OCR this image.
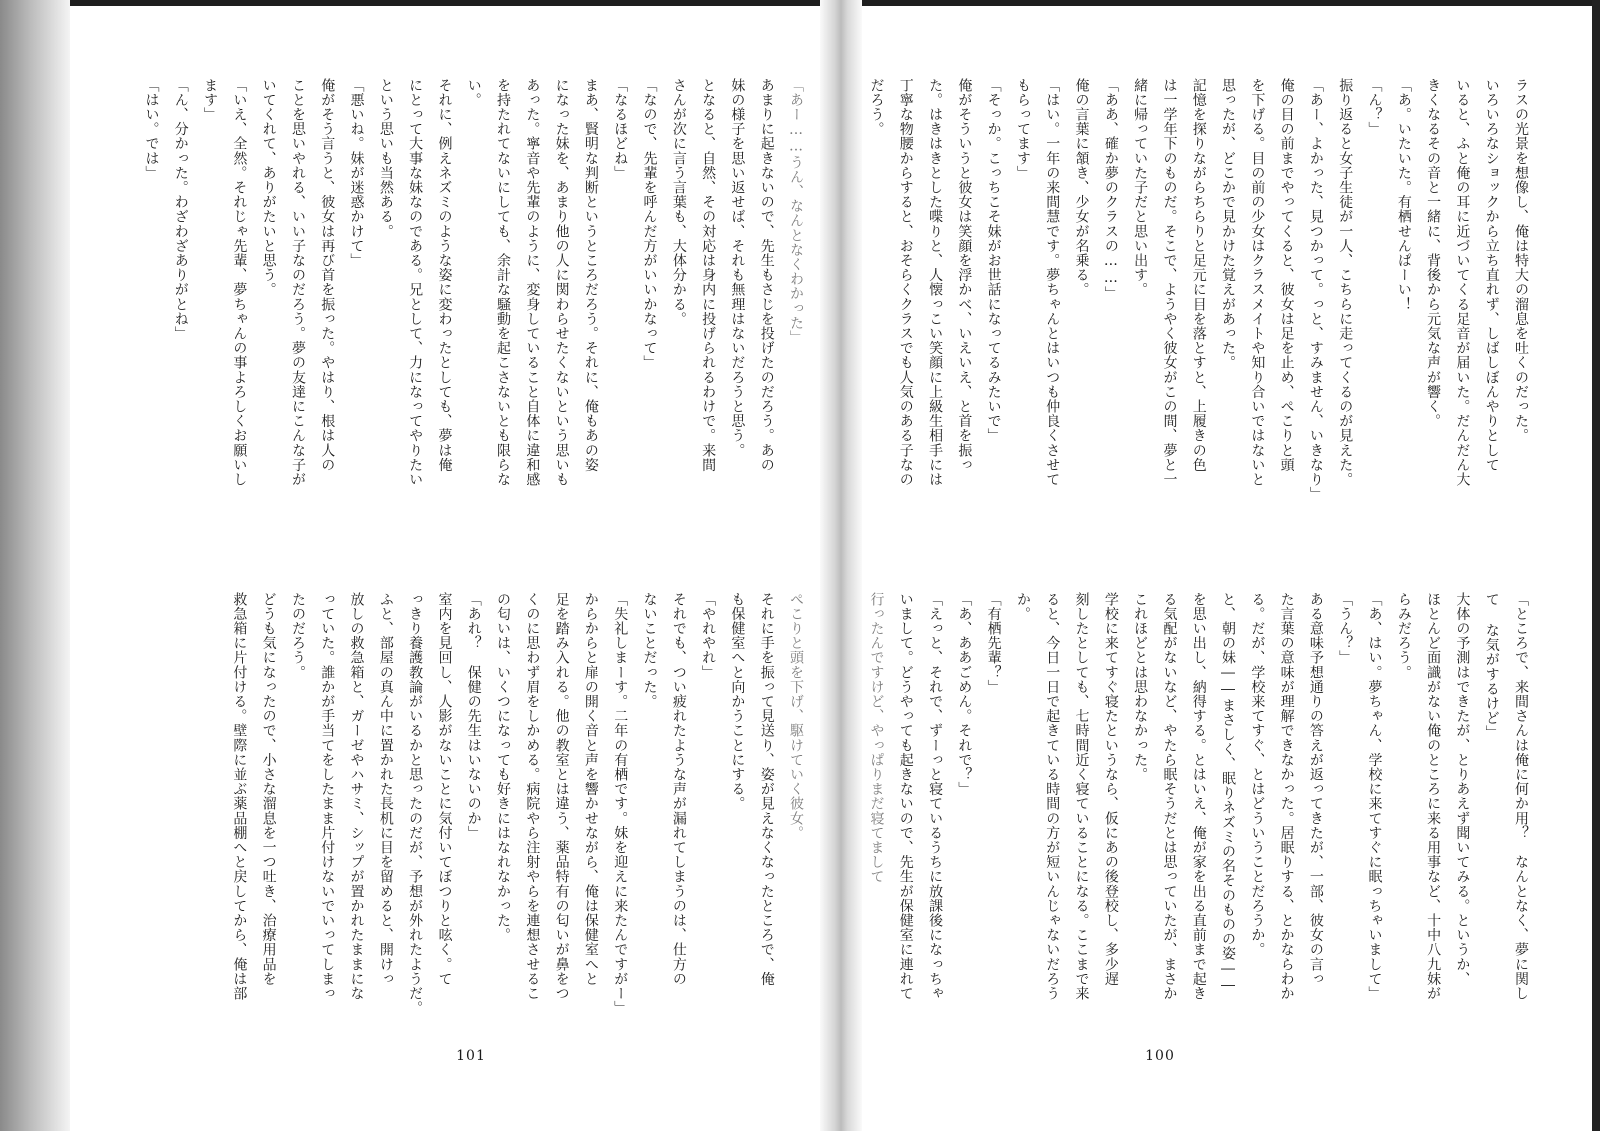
「あー……うん、なんとなくわかった」
あまりに起きないので、先生もさじを投げたのだろう。あの
妹の様子を思い返せば、それも無理はないだろうと思う。
となると、自然、その対応は身内に投げられるわけで。来間
さんが次に言う言葉も、大体分かる。
「なので、先輩を呼んだ方がいいかなって」
「なるほどね」
まあ、賢明な判断というところだろう。それに、俺もあの姿
になった妹を、あまり他の人に関わらせたくないという思いも
あった。寧音や先輩のように、変身していること自体に違和感
を持たれてないにしても、余計な騒動を起こさないとも限らな
い。
それに、例えネズミのような姿に変わったとしても、夢は俺
にとって大事な妹なのである。兄として、力になってやりたい
という思いも当然ある。
「悪いね。妹が迷惑かけて」
俺がそう言うと、彼女は再び首を振った。やはり、根は人の
ことを思いやれる、いい子なのだろう。夢の友達にこんな子が
いてくれて、ありがたいと思う。
「いえ、全然。それじゃ先輩、夢ちゃんの事よろしくお願いし
ます」
「ん、分かった。わざわざありがとね」
「はい。では」
ぺこりと頭を下げ、駆けていく彼女。
それに手を振って見送り、姿が見えなくなったところで、俺
も保健室へと向かうことにする。
「やれやれ」
それでも、つい疲れたような声が漏れてしまうのは、仕方の
ないことだった。
「失礼しまーす。二年の有栖です。妹を迎えに来たんですがー」
からからと扉の開く音と声を響かせながら、俺は保健室へと
足を踏み入れる。他の教室とは違う、薬品特有の匂いが鼻をつ
くのに思わず眉をしかめる。病院やら注射やらを連想させるこ
の匂いは、いくつになっても好きにはなれなかった。
「あれ？　保健の先生はいないのか」
室内を見回し、人影がないことに気付いてぼつりと呟く。て
っきり養護教論がいるかと思ったのだが、予想が外れたようだ。
ふと、部屋の真ん中に置かれた長机に目を留めると、開けっ
放しの救急箱と、ガーゼやハサミ、シップが置かれたままにな
っていた。誰かが手当てをしたまま片付けないでいってしまっ
たのだろう。
どうも気になったので、小さな溜息を一つ吐き、治療用品を
救急箱に片付ける。壁際に並ぶ薬品棚へと戻してから、俺は部
101
ラスの光景を想像し、俺は特大の溜息を吐くのだった。
いろいろなショックから立ち直れず、しばしぼんやりとして
いると、ふと俺の耳に近づいてくる足音が届いた。だんだん大
きくなるその音と一緒に、背後から元気な声が響く。
「あ。いたいた。有栖せんぱーい！
「ん？」
振り返ると女子生徒が一人、こちらに走ってくるのが見えた。
「あー、よかった、見つかって。っと、すみません、いきなり」
俺の目の前までやってくると、彼女は足を止め、ぺこりと頭
を下げる。目の前の少女はクラスメイトや知り合いではないと
思ったが、どこかで見かけた覚えがあった。
記憶を探りながらちらりと足元に目を落とすと、上履きの色
は一学年下のものだ。そこで、ようやく彼女がこの間、夢と一
緒に帰っていた子だと思い出す。
「ああ、確か夢のクラスの……」
俺の言葉に頷き、少女が名乗る。
「はい。一年の来間慧です。夢ちゃんとはいつも仲良くさせて
もらってます」
「そっか。こっちこそ妹がお世話になってるみたいで」
俺がそういうと彼女は笑顔を浮かべ、いえいえ、と首を振っ
た。はきはきとした喋りと、人懐っこい笑顔に上級生相手には
丁寧な物腰からすると、おそらくクラスでも人気のある子なの
だろう。
「ところで、来間さんは俺に何か用？　なんとなく、夢に関し
て な気がするけど」
大体の予測はできたが、とりあえず聞いてみる。というか、
ほとんど面識がない俺のところに来る用事など、十中八九妹が
らみだろう。
「あ、はい。夢ちゃん、学校に来てすぐに眠っちゃいまして」
「うん？」
ある意味予想通りの答えが返ってきたが、一部、彼女の言っ
た言葉の意味が理解できなかった。居眠りする、とかならわか
る。だが、学校来てすぐ、とはどういうことだろうか。
と、朝の妹――まさしく、眠りネズミの名そのものの姿――
を思い出し、納得する。とはいえ、俺が家を出る直前まで起き
る気配がないなど、やたら眠そうだとは思っていたが、まさか
これほどとは思わなかった。
学校に来てすぐ寝たというなら、仮にあの後登校し、多少遅
刻したとしても、七時間近く寝ていることになる。ここまで来
ると、今日一日で起きている時間の方が短いんじゃないだろう
か。
「有栖先輩？」
「あ、ああごめん。それで？」
「えっと、それで、ずーっと寝ているうちに放課後になっちゃ
いまして。どうやっても起きないので、先生が保健室に連れて
行ったんですけど、やっぱりまだ寝てまして
100
